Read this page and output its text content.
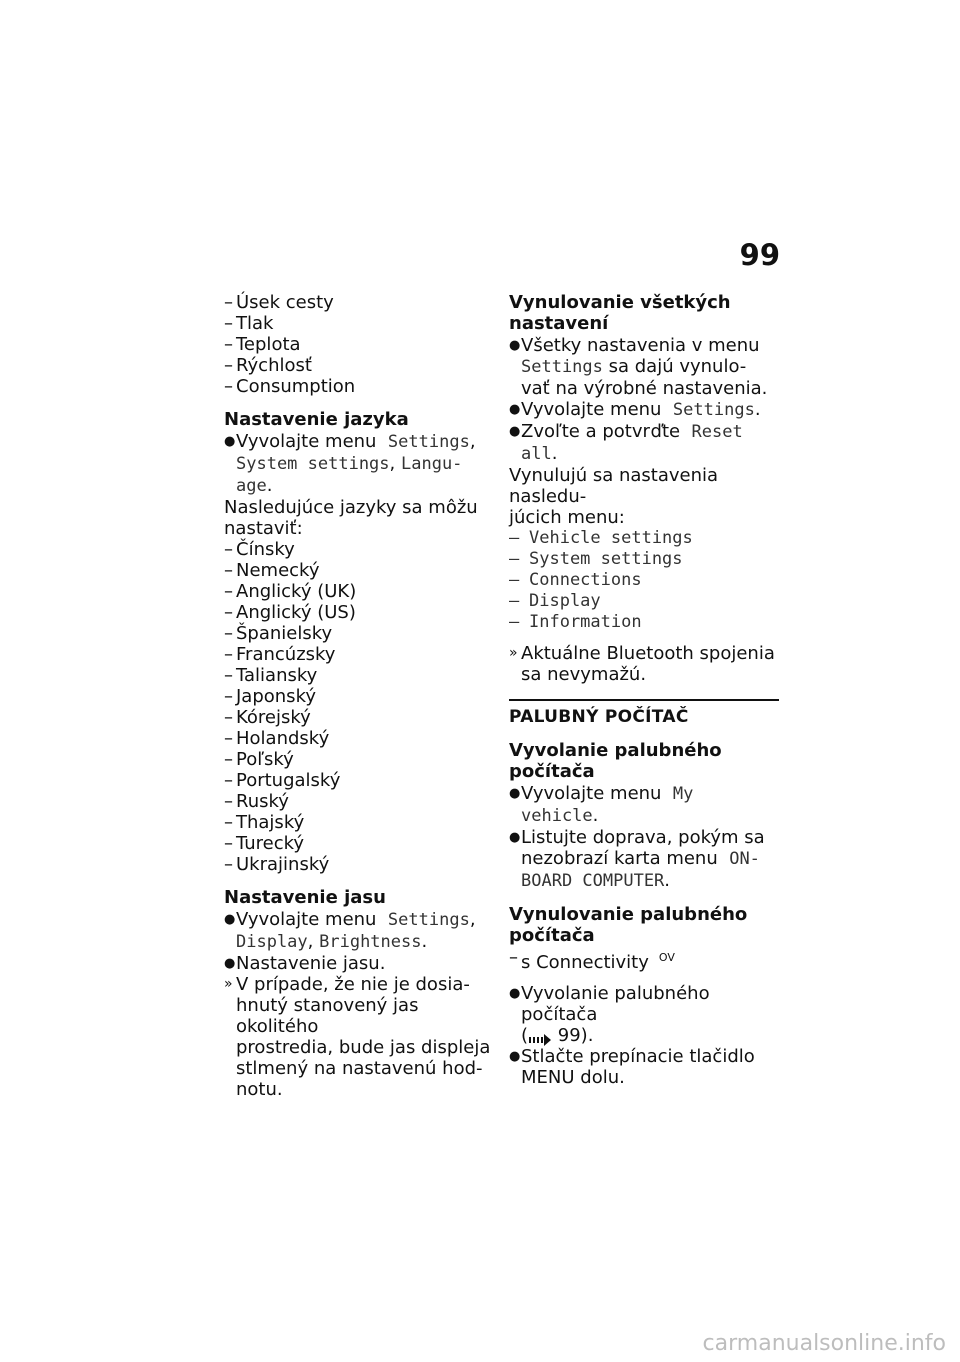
99
– Úsek cesty
– Tlak
– Teplota
– Rýchlosť
– Consumption
Nastavenie jazyka
● Vyvolajte menu Settings,
System settings, Langu-
age.

Nasledujúce jazyky sa môžu
nastaviť:

– Čínsky
– Nemecký
– Anglický (UK)
– Anglický (US)
– Španielsky
– Francúzsky
– Taliansky
– Japonský
– Kórejský
– Holandský
– Poľský
– Portugalský
– Ruský
– Thajský
– Turecký
– Ukrajinský
Nastavenie jasu
● Vyvolajte menu Settings,
Display, Brightness.
● Nastavenie jasu.
» V prípade, že nie je dosia-
hnutý stanovený jas okolitého
prostredia, bude jas displeja
stlmený na nastavenú hod-
notu.
Vynulovanie všetkých
nastavení
● Všetky nastavenia v menu
Settings sa dajú vynulo-
vať na výrobné nastavenia.
● Vyvolajte menu Settings.
● Zvoľte a potvrďte Reset
all.

Vynulujú sa nastavenia nasledu-
júcich menu:

– Vehicle settings
– System settings
– Connections
– Display
– Information
» Aktuálne Bluetooth spojenia
sa nevymažú.
PALUBNÝ POČÍTAČ
Vyvolanie palubného počítača
● Vyvolajte menu My vehicle.
● Listujte doprava, pokým sa
nezobrazí karta menu ON-
BOARD COMPUTER.
Vynulovanie palubného
počítača
– s Connectivity $^{OV}$
● Vyvolanie palubného počítača
( 99).
● Stlačte prepínacie tlačidlo
MENU dolu.
carmanualsonline.info
